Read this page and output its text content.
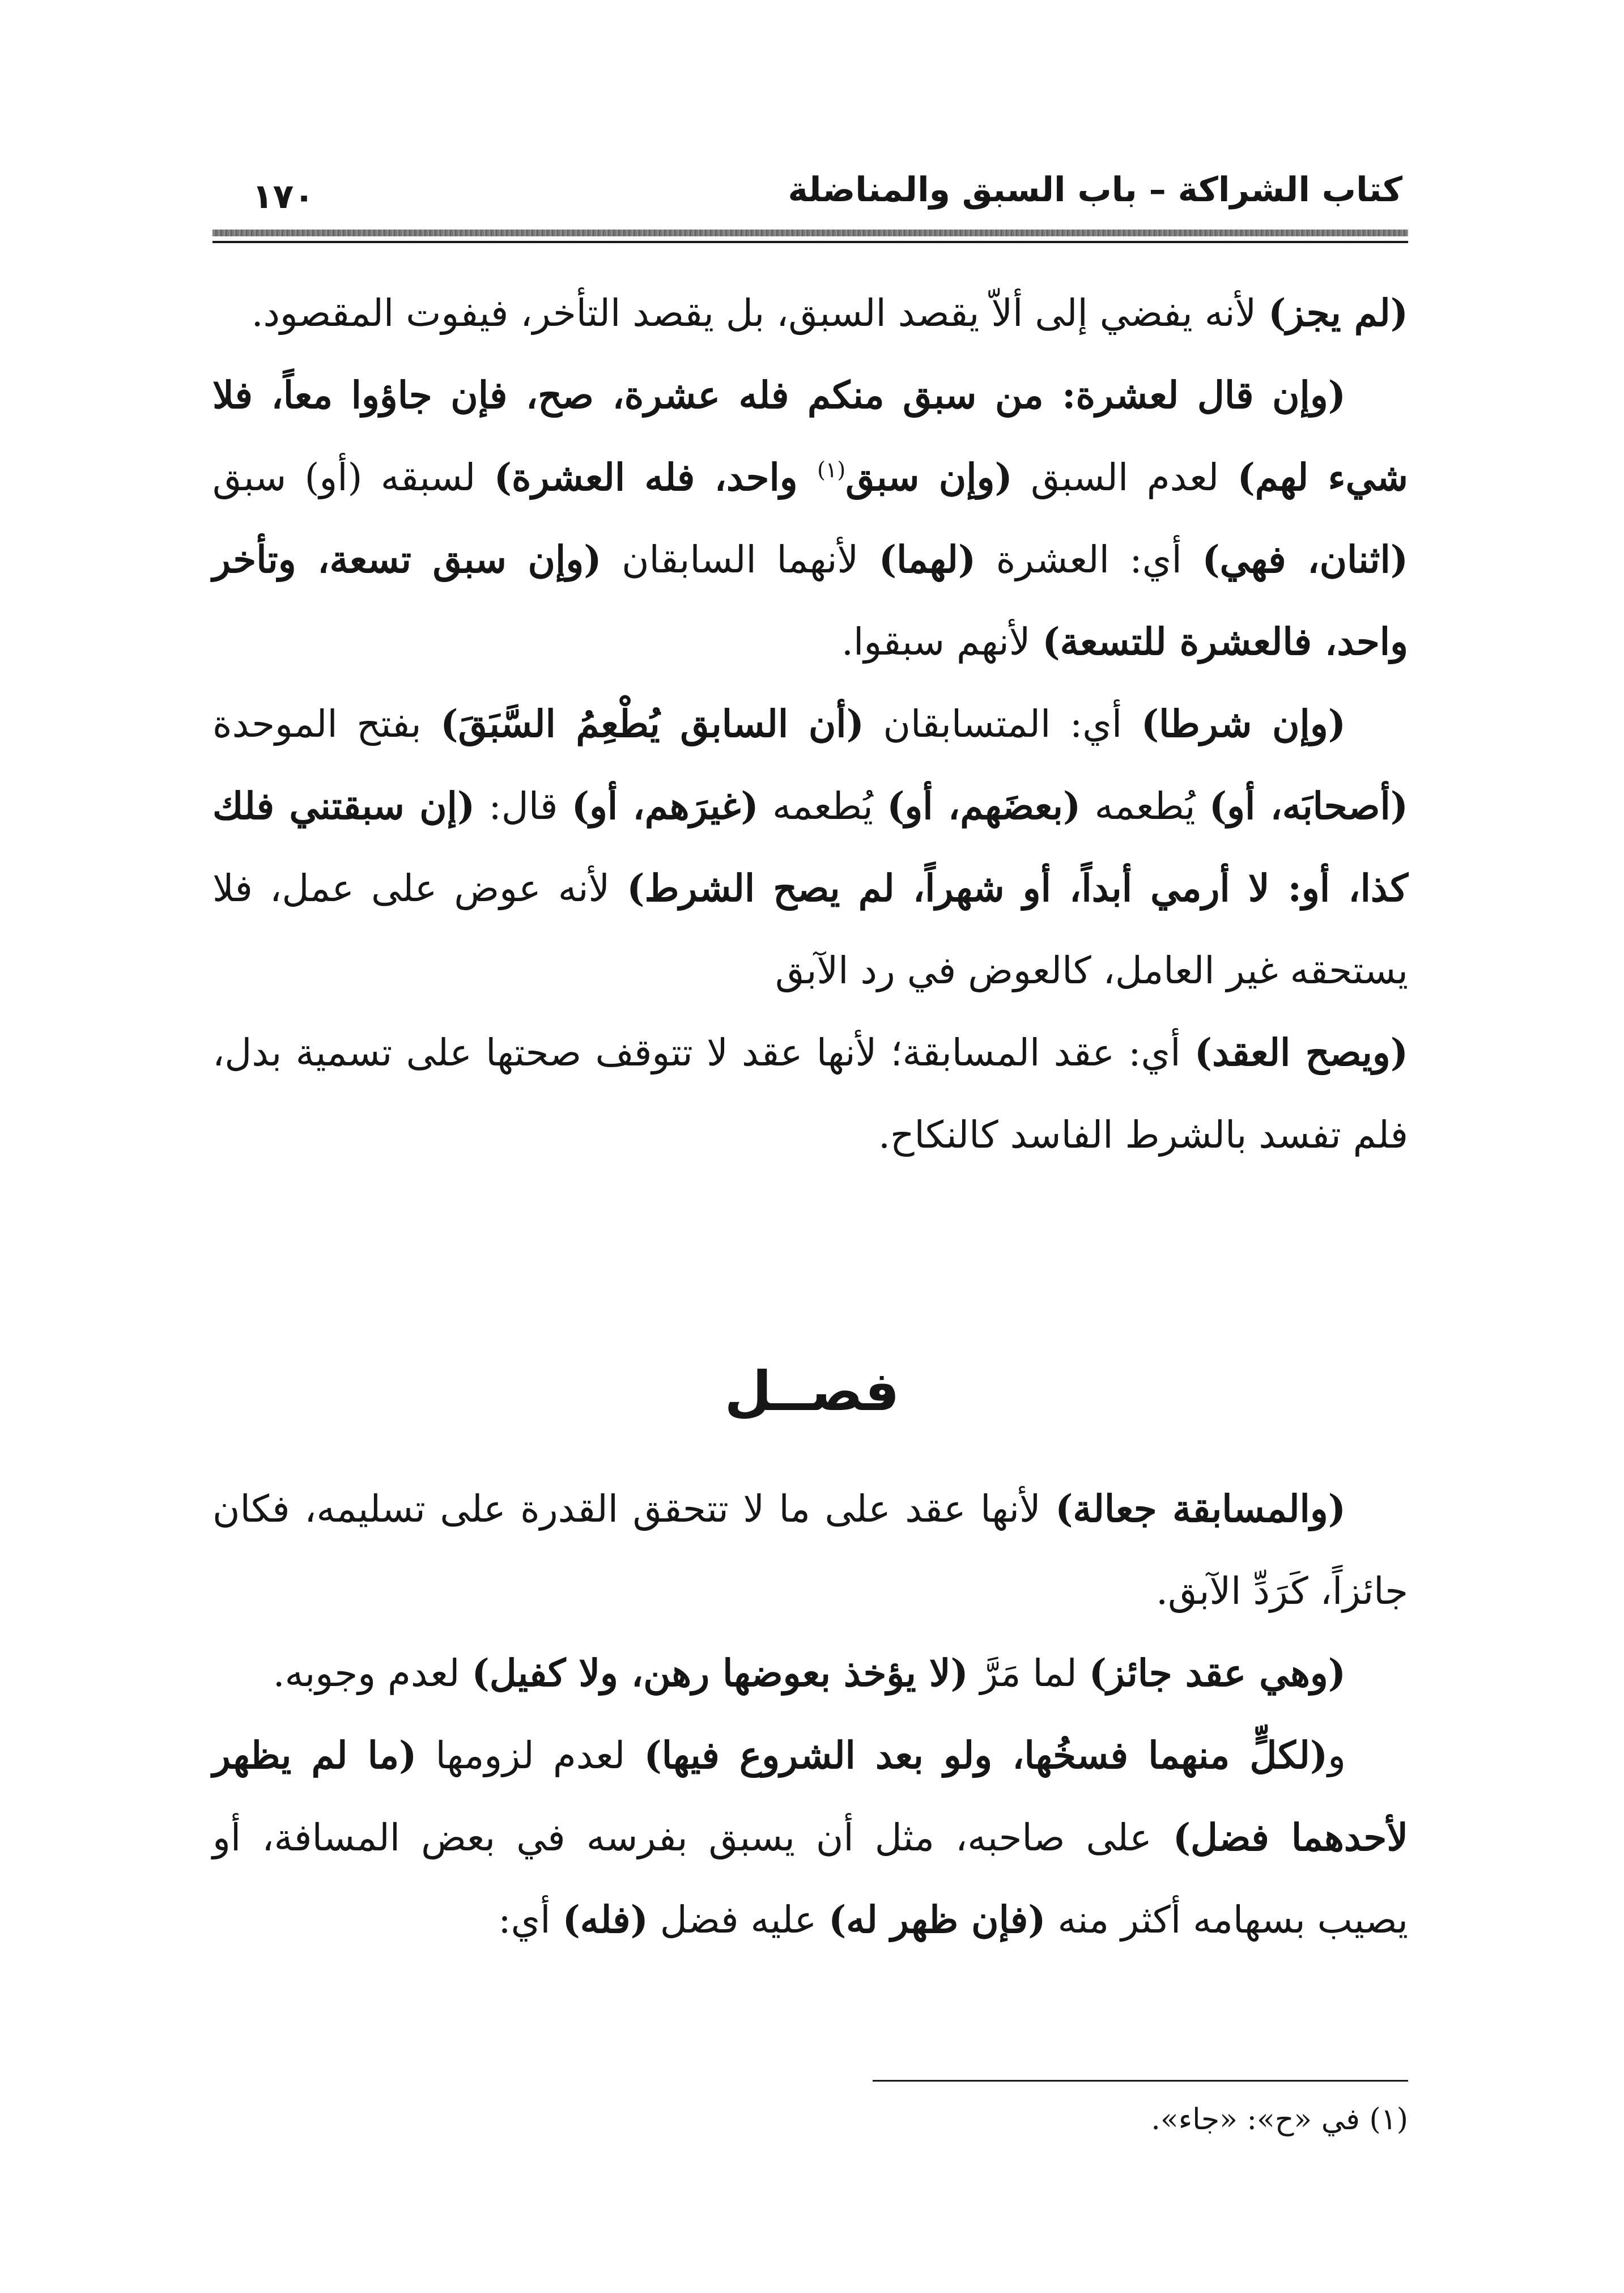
١٧٠	كتاب الشراكة – باب السبق والمناضلة

(لم يجز) لأنه يفضي إلى ألاّ يقصد السبق، بل يقصد التأخر، فيفوت المقصود.

(وإن قال لعشرة: من سبق منكم فله عشرة، صح، فإن جاؤوا معاً، فلا شيء لهم) لعدم السبق (وإن سبق$^{(١)}$ واحد، فله العشرة) لسبقه (أو) سبق (اثنان، فهي) أي: العشرة (لهما) لأنهما السابقان (وإن سبق تسعة، وتأخر واحد، فالعشرة للتسعة) لأنهم سبقوا.

(وإن شرطا) أي: المتسابقان (أن السابق يُطْعِمُ السَّبَقَ) بفتح الموحدة (أصحابَه، أو) يُطعمه (بعضَهم، أو) يُطعمه (غيرَهم، أو) قال: (إن سبقتني فلك كذا، أو: لا أرمي أبداً، أو شهراً، لم يصح الشرط) لأنه عوض على عمل، فلا يستحقه غير العامل، كالعوض في رد الآبق

(ويصح العقد) أي: عقد المسابقة؛ لأنها عقد لا تتوقف صحتها على تسمية بدل، فلم تفسد بالشرط الفاسد كالنكاح.

فصــل

(والمسابقة جعالة) لأنها عقد على ما لا تتحقق القدرة على تسليمه، فكان جائزاً، كَرَدِّ الآبق.

(وهي عقد جائز) لما مَرَّ (لا يؤخذ بعوضها رهن، ولا كفيل) لعدم وجوبه.

و(لكلٍّ منهما فسخُها، ولو بعد الشروع فيها) لعدم لزومها (ما لم يظهر لأحدهما فضل) على صاحبه، مثل أن يسبق بفرسه في بعض المسافة، أو يصيب بسهامه أكثر منه (فإن ظهر له) عليه فضل (فله) أي:

(١) في «ح»: «جاء».
